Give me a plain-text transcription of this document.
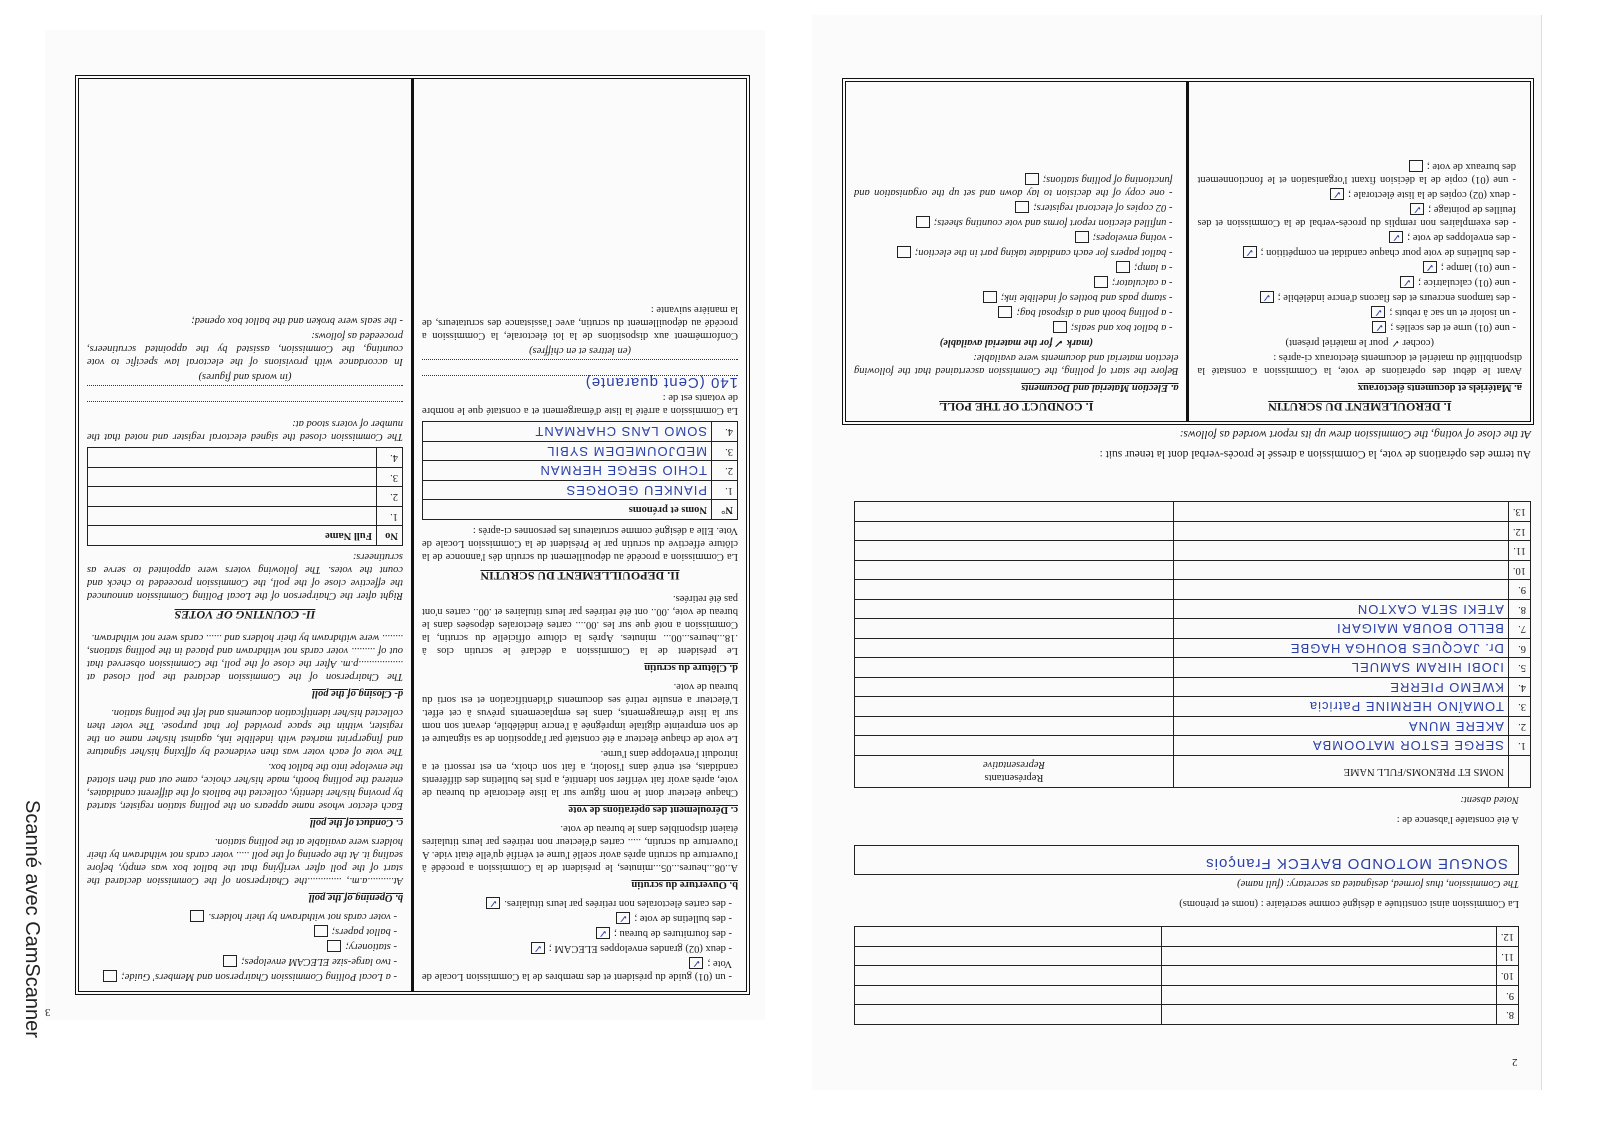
Scanné avec CamScanner	8.		
9.		
10.		
11.		
12.		

La Commission ainsi constituée a désigné comme secrétaire : (noms et prénoms)

The Commission, thus formed, designated as secretary: (full name)

SONGUE MOTONDO BAYECK François

A été constatée l'absence de :

Noted absent:

	NOMS ET PRENOMS/FULL NAME	Représentants
Representative
1.	SERGE ESTOR MATOOMBA	
2.	AKERE MUNA	
3.	TOMAÏNO HERMINE Patricia	
4.	KWEMO PIERRE	
5.	IJOBI HIRAM SAMUEL	
6.	Dr. JACQUES BOUHGA HAGBE	
7.	BELLO BOUBA MAIGARI	
8.	ATEKI SETA CAXTON	
9.		
10.		
11.		
12.		
13.		

Au terme des opérations de vote, la Commission a dressé le procès-verbal dont la teneur suit :

At the close of voting, the Commission drew up its report worded as follows:

I. DEROULEMENT DU SCRUTIN
a. Matériels et documents électoraux

Avant le début des opérations de vote, la Commission a constaté la disponibilité du matériel et documents électoraux ci-après :

(cocher ✓ pour le matériel présent)

- une (01) urne et des scellés ;✓

- un isoloir et un sac à rebuts ;✓

- des tampons encreurs et des flacons d'encre indélébile ;✓

- une (01) calculatrice ;✓

- une (01) lampe ;✓

- des bulletins de vote pour chaque candidat en compétition ;✓

- des enveloppes de vote ;✓

- des exemplaires non remplis du procès-verbal de la Commission et des feuilles de pointage ;✓

- deux (02) copies de la liste électorale ;✓

- une (01) copie de la décision fixant l'organisation et le fonctionnement des bureaux de vote ;

I. CONDUCT OF THE POLL
a. Election Material and Documents

Before the start of polling, the Commission ascertained that the following election material and documents were available:

(mark ✓ for the material available)

- a ballot box and seals;

- a polling booth and a disposal bag;

- stamp pads and bottles of indelible ink;

- a calculator;

- a lamp;

- ballot papers for each candidate taking part in the election;

- voting envelopes;

- unfilled election report forms and vote counting sheets;

- 02 copies of electoral registers;

- one copy of the decision to lay down and set up the organisation and functioning of polling stations;

2

- un (01) guide du président et des membres de la Commission Locale de Vote ;✓

- deux (02) grandes enveloppes ELECAM ;✓

- des fournitures de bureau ;✓

- des bulletins de vote ;✓

- des cartes électorales non retirées par leurs titulaires.✓

b. Ouverture du scrutin

A..08...heures...05...minutes, le président de la Commission a procédé à l'ouverture du scrutin après avoir scellé l'urne et vérifié qu'elle était vide. A l'ouverture du scrutin, ..... cartes d'électeur non retirées par leurs titulaires étaient disponibles dans le bureau de vote.

c. Déroulement des opérations de vote

Chaque électeur dont le nom figure sur la liste électorale du bureau de vote, après avoir fait vérifier son identité, a pris les bulletins des différents candidats, est entré dans l'isoloir, a fait son choix, en est ressorti et a introduit l'enveloppe dans l'urne.

Le vote de chaque électeur a été constaté par l'apposition de sa signature et de son empreinte digitale imprégnée à l'encre indélébile, devant son nom sur la liste d'émargements, dans les emplacements prévus à cet effet. L'électeur a ensuite retiré ses documents d'identification et est sorti du bureau de vote.

d. Clôture du scrutin

Le président de la Commission a déclaré le scrutin clos à .18...heures...00... minutes. Après la clôture officielle du scrutin, la Commission a noté que sur les .00.... cartes électorales déposées dans le bureau de vote, .00.. ont été retirées par leurs titulaires et .00.. cartes n'ont pas été retirées.

II. DEPOUILLEMENT DU SCRUTIN

La Commission a procédé au dépouillement du scrutin dès l'annonce de la clôture effective du scrutin par le Président de la Commission Locale de Vote. Elle a désigné comme scrutateurs les personnes ci-après :

N°	Noms et prénoms
1.	PIANKEU GEORGES
2.	TCHIO SERGE HERMAN
3.	MEDJOUMEDEM SYBIL
4.	SOMO LANS CHARMANT

La Commission a arrêté la liste d'émargement et a constaté que le nombre de votants est de :

140 (Cent quarante)

(en lettres et en chiffres)

Conformément aux dispositions de la loi électorale, la Commission a procédé au dépouillement du scrutin, avec l'assistance des scrutateurs, de la manière suivante :

- a Local Polling Commission Chairperson and Members' Guide;

- two large-size ELECAM envelopes;

- stationery;

- ballot papers;

- voter cards not withdrawn by their holders.

b. Opening of the poll

At..........a.m., .............the Chairperson of the Commission declared the start of the poll after verifying that the ballot box was empty, before sealing it. At the opening of the poll ..... voter cards not withdrawn by their holders were available at the polling station.

c. Conduct of the poll

Each elector whose name appears on the polling station register, started by proving his/her identity, collected the ballots of the different candidates, entered the polling booth, made his/her choice, came out and then slotted the envelope into the ballot box.

The vote of each voter was then evidenced by affixing his/her signature and fingerprint marked with indelible ink, against his/her name on the register, within the space provided for that purpose. The voter then collected his/her identification documents and left the polling station.

d- Closing of the poll

The Chairperson of the Commission declared the poll closed at .................p.m. After the close of the poll, the Commission observed that out of ......... voter cards not withdrawn and placed in the polling stations, ........ were withdrawn by their holders and ...... cards were not withdrawn.

II- COUNTING OF VOTES

Right after the Chairperson of the Local Polling Commission announced the effective close of the poll, the Commission proceeded to check and count the votes. The following voters were appointed to serve as scrutineers:

No	Full Name
1.	
2.	
3.	
4.	

The Commission closed the signed electoral register and noted that the number of voters stood at:

(in words and figures)

In accordance with provisions of the electoral law specific to vote counting, the Commission, assisted by the appointed scrutineers, proceeded as follows:

- the seals were broken and the ballot box opened;

3
